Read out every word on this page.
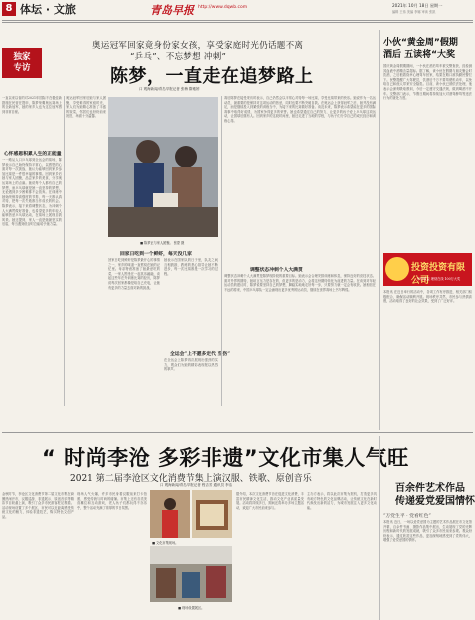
8 体坛 · 文旅	青岛早报 http://www.dqwb.com	2021年 10月 18日 星期一
编辑 王伟 美编 李娜 审读 张凯
独家
专访
奥运冠军回家竟身份家女孩，享受家庭时光仍话题不离
“乒乓”、不忘梦想 冲刺”
陈梦，一直走在追梦路上
口 观海新闻/青岛早报记者 张梅 隋雅婷
一直以来以省的对2021年国际不在极佳新措施在民营在提申，陈梦荣膺奥运赛场上的全新冠军，她的家乡人也为这位冠军感到非常自豪。
心怀感恩积累人生的正能量
一一路从人口乒乓球到全运会的赛场，陈梦表示自己始终保持平常心，以感恩的心面对每一次挑战，她认为能够回到家乡参加比赛是一件很幸福的事情。回到家乡后她与家人团聚，品尝家乡的美食，分享奥运赛场上的点滴。她说每个人都有自己的梦想，而乒乓球就是她一直坚持的梦想，无论遇到多少困难都不会放弃。在训练中她始终保持高强度的节奏，每一天都认真对待，把每一次失败都当作成长的机会。陈梦表示，接下来将调整状态，为冲刺个人大满贯做好准备，也希望更多的年轻人能够热爱乒乓球运动，在赛场上展现自我风采。她还提到，家人一直是她最坚实的后盾，每当遇到低谷时总能给予她力量。
奥运冠军回家后她与家人团聚，享受难得的家庭时光，家人们为她精心准备了丰盛的饭菜，邻居们也纷纷前来祝贺，场面十分温馨。
■ 陈梦正与家人团聚。 张蒙 摄
回家日吃到一个鲜虾，每天没几家
回家日吃到鲜虾是陈梦最开心的事情之一，家乡的味道一直萦绕在她的记忆里。母亲特意准备了她最爱吃的菜，一家人围坐在一起其乐融融，谈起这些年在外训练比赛的经历，陈梦说每次回家都像是给自己充电，让她有更多的力量去面对新的挑战。
她表示在国家队的日子里，队友之间互相鼓励，教练的悉心指导让她不断进步，每一次比赛都是一次学习的过程。
全运会”上不愿多定代 至伤”
在全运会上陈梦再次展现出强劲的实力，观众们为她的精彩表现报以热烈的掌声。
赛后陈梦在接受采访时表示，自己仍然会以平常心对待每一场比赛，享受比赛带来的快乐。她说作为一名运动员，最重要的是保持对这项运动的热爱，同时也要不断突破自我。在奥运会上获得冠军之后，她并没有满足，而是继续投入到紧张的训练当中，为接下来的比赛做好准备。谈及未来，陈梦表示希望能在更多的国际赛事中取得好成绩，为国家争得更多的荣誉。她也希望通过自己的努力，让更多的孩子爱上乒乓球这项运动，让国球后继有人。回到家乡的这段时间里，她还走进了当地的学校，与孩子们分享自己的成长经历和训练心得。
调整状态冲刺个人大满贯
调整状态冲刺个人大满贯是陈梦现阶段的重要目标。她表示会合理安排训练和休息，保持良好的竞技状态。面对外界的期待，她坦言压力是存在的，但更多的是动力，会将这份期待转化为前进的力量。在谈到对年轻运动员的建议时，陈梦说要坚持自己的梦想，脚踏实地地走好每一步，只要努力就一定会有收获。她相信在不远的将来，中国乒乓球队一定会涌现出更多优秀的运动员，继续在世界赛场上书写辉煌。
小伙“黄金周”假期
酒后 五读将“大奖
国庆黄金周假期期间，一小伙在酒后驾车被交警查获，经检测其血液中酒精含量超标。据了解，该小伙在假期与朋友聚会时饮酒，之后抱着侥幸心理驾车回家，结果在路口被执勤民警拦下。民警提醒广大驾驶员，饮酒后千万不要驾驶机动车，以免给自己和他人带来安全隐患。目前，该小伙已被依法处理，他表示会深刻吸取教训，今后一定遵守交通法规，做到喝酒不开车。交警部门表示，节假日期间将持续加大对酒驾醉驾等违法行为的查处力度。
投资投资有限公司
年份收益 理财在线 100万大奖
本报讯 在近日举行的活动中，各项工作有序推进，相关部门积极配合，确保活动顺利开展。现场秩序井然，市民参与热情高涨，活动取得了良好的社会效果，受到了广泛好评。
“ 时尚李沧 多彩非遗”文化市集人气旺
2021 第二届李沧区文化消费节集上演汉服、铁歌、原创音乐
口 观海新闻/青岛早报记者 程吉芳 通讯员 李洁
金秋时节，李沧区文化消费节第二届文化市集在商圈热闹开市，汉服巡游、非遗展示、原创音乐等精彩节目轮番上演，吸引了众多市民游客驻足观看。活动现场设置了多个展区，市民可以近距离感受传统文化的魅力，体验非遗技艺，购买特色文创产品。
现场人气火爆，许多市民身着汉服前来打卡拍照，感受传统与时尚的碰撞。市集上还有各类美食摊位和互动游戏，老人孩子们都玩得不亦乐乎，整个活动充满了浓厚的节日氛围。
■ 文化市集现场。
■ 现场设置展区。
据介绍，本次文化消费节旨在促进文化消费，丰富市民精神文化生活，推动文化产业高质量发展。活动将持续多日，期间还将举办多场主题活动，欢迎广大市民前来参与。
主办方表示，将以此次市集为契机，打造更多具有地方特色的文化品牌活动，让传统文化在新时代焕发出新的活力，为城市发展注入更多文化动能。
百余件艺术作品
传递爱党爱国情怀
“万党生平 · 党看红色”
本报讯 近日，一场以爱党爱国为主题的艺术作品展在市文化馆开幕，百余件书画、摄影作品集中展出，生动展现了党的光辉历程和新时代的发展成就，吸引了众多市民前来参观。观众纷纷表示，通过欣赏这些作品，更加深刻地感受到了党的伟大，增强了爱党爱国的情怀。
